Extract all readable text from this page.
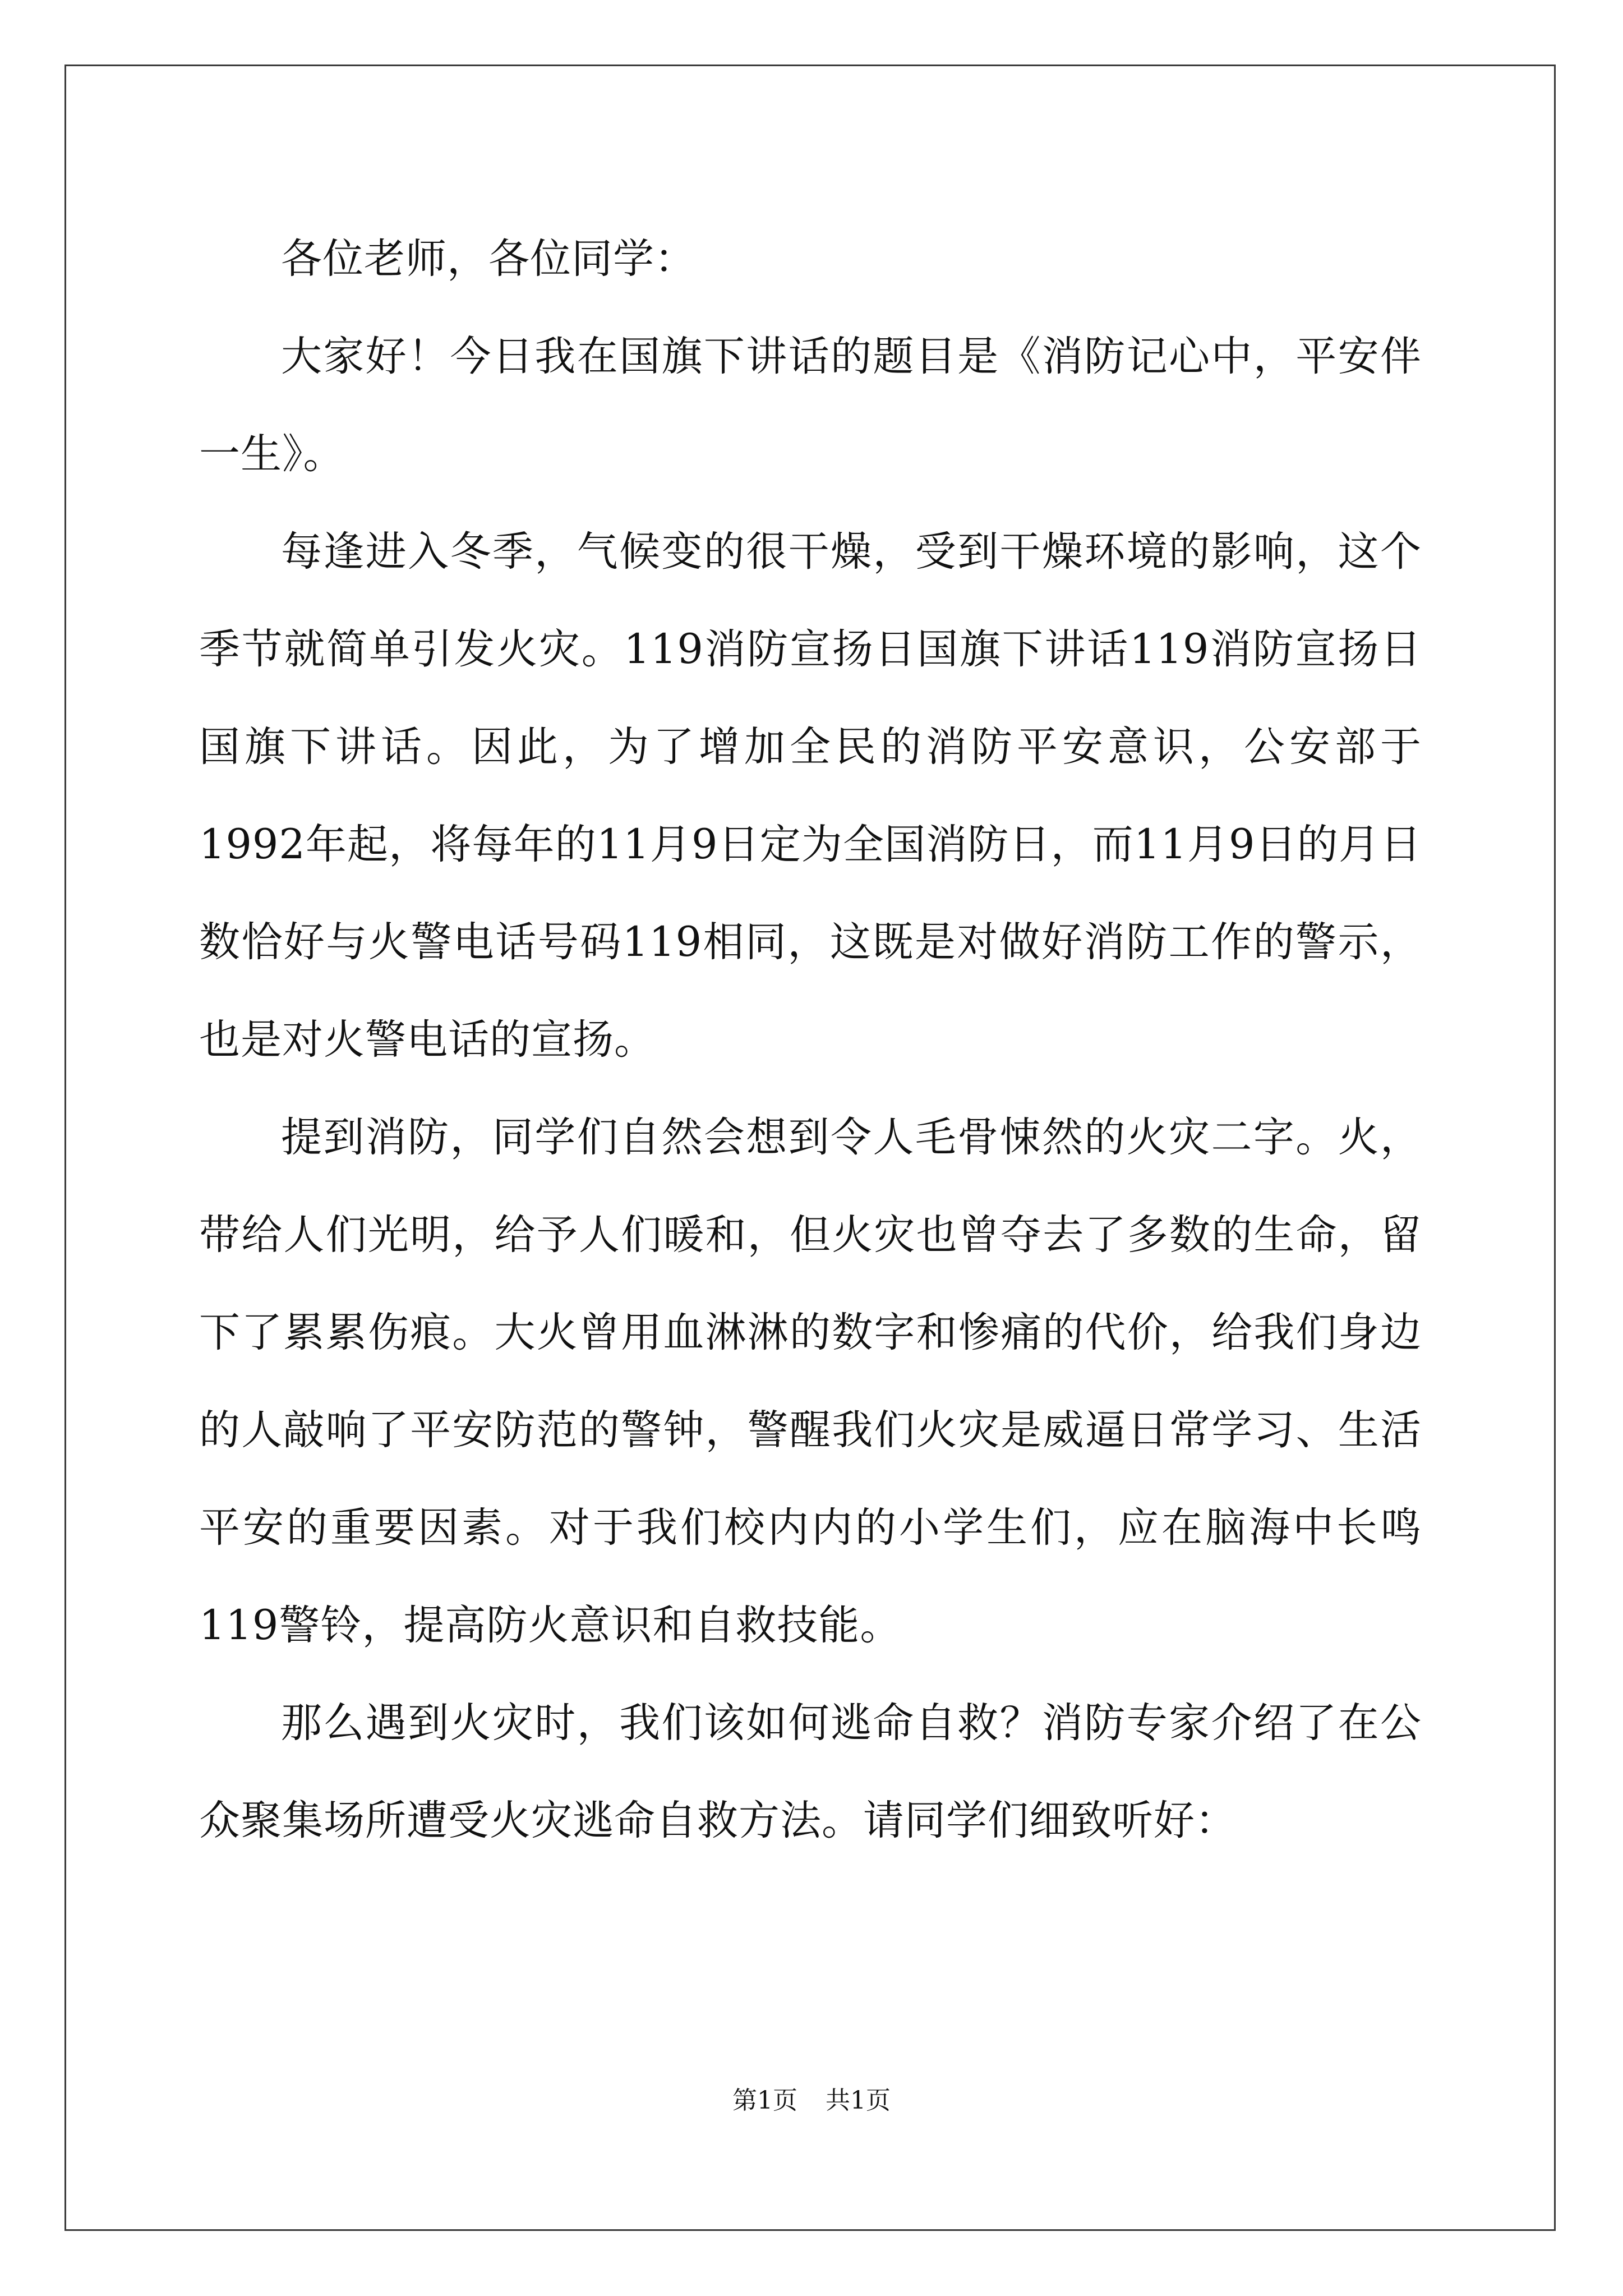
各位老师，各位同学：

大家好！今日我在国旗下讲话的题目是《消防记心中，平安伴一生》。

每逢进入冬季，气候变的很干燥，受到干燥环境的影响，这个季节就简单引发火灾。119消防宣扬日国旗下讲话119消防宣扬日国旗下讲话。因此，为了增加全民的消防平安意识，公安部于1992年起，将每年的11月9日定为全国消防日，而11月9日的月日数恰好与火警电话号码119相同，这既是对做好消防工作的警示，也是对火警电话的宣扬。

提到消防，同学们自然会想到令人毛骨悚然的火灾二字。火，带给人们光明，给予人们暖和，但火灾也曾夺去了多数的生命，留下了累累伤痕。大火曾用血淋淋的数字和惨痛的代价，给我们身边的人敲响了平安防范的警钟，警醒我们火灾是威逼日常学习、生活平安的重要因素。对于我们校内内的小学生们，应在脑海中长鸣119警铃，提高防火意识和自救技能。

那么遇到火灾时，我们该如何逃命自救？消防专家介绍了在公众聚集场所遭受火灾逃命自救方法。请同学们细致听好：

第1页 共1页
